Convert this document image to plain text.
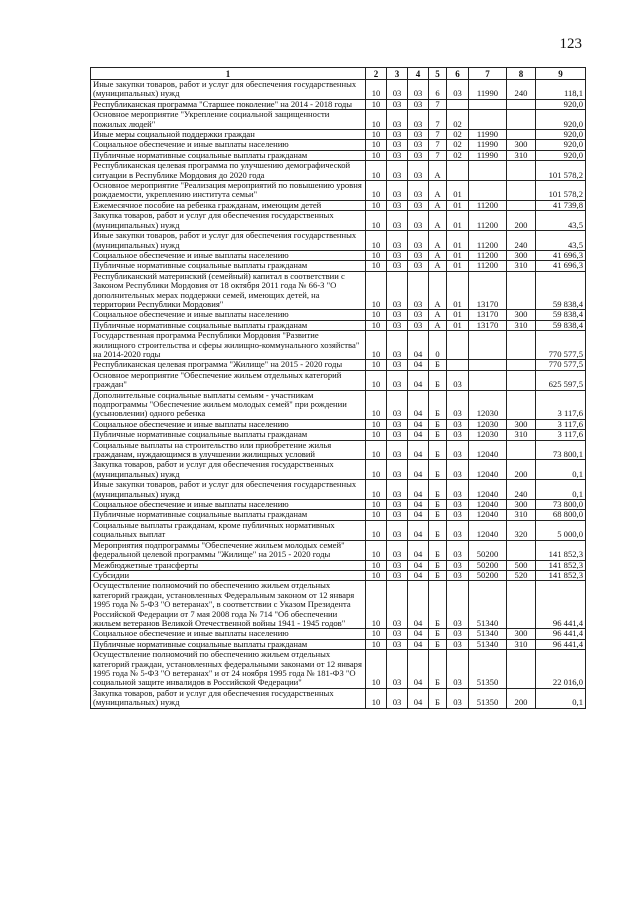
123
1	2	3	4	5	6	7	8	9
Иные закупки товаров, работ и услуг для обеспечения государственных (муниципальных) нужд	10	03	03	6	03	11990	240	118,1
Республиканская программа "Старшее поколение" на 2014 - 2018 годы	10	03	03	7				920,0
Основное мероприятие "Укрепление социальной защищенности пожилых людей"	10	03	03	7	02			920,0
Иные меры социальной поддержки граждан	10	03	03	7	02	11990		920,0
Социальное обеспечение и иные выплаты населению	10	03	03	7	02	11990	300	920,0
Публичные нормативные социальные выплаты гражданам	10	03	03	7	02	11990	310	920,0
Республиканская целевая программа по улучшению демографической ситуации в Республике Мордовия до 2020 года	10	03	03	А				101 578,2
Основное мероприятие "Реализация мероприятий по повышению уровня рождаемости, укреплению института семьи"	10	03	03	А	01			101 578,2
Ежемесячное пособие на ребенка гражданам, имеющим детей	10	03	03	А	01	11200		41 739,8
Закупка товаров, работ и услуг для обеспечения государственных (муниципальных) нужд	10	03	03	А	01	11200	200	43,5
Иные закупки товаров, работ и услуг для обеспечения государственных (муниципальных) нужд	10	03	03	А	01	11200	240	43,5
Социальное обеспечение и иные выплаты населению	10	03	03	А	01	11200	300	41 696,3
Публичные нормативные социальные выплаты гражданам	10	03	03	А	01	11200	310	41 696,3
Республиканский материнский (семейный) капитал в соответствии с Законом Республики Мордовия от 18 октября 2011 года № 66-З "О дополнительных мерах поддержки семей, имеющих детей, на территории Республики Мордовия"	10	03	03	А	01	13170		59 838,4
Социальное обеспечение и иные выплаты населению	10	03	03	А	01	13170	300	59 838,4
Публичные нормативные социальные выплаты гражданам	10	03	03	А	01	13170	310	59 838,4
Государственная программа Республики Мордовия "Развитие жилищного строительства и сферы жилищно-коммунального хозяйства" на 2014-2020 годы	10	03	04	0				770 577,5
Республиканская целевая программа "Жилище" на 2015 - 2020 годы	10	03	04	Б				770 577,5
Основное мероприятие "Обеспечение жильем отдельных категорий граждан"	10	03	04	Б	03			625 597,5
Дополнительные социальные выплаты семьям - участникам подпрограммы "Обеспечение жильем молодых семей" при рождении (усыновлении) одного ребенка	10	03	04	Б	03	12030		3 117,6
Социальное обеспечение и иные выплаты населению	10	03	04	Б	03	12030	300	3 117,6
Публичные нормативные социальные выплаты гражданам	10	03	04	Б	03	12030	310	3 117,6
Социальные выплаты на строительство или приобретение жилья гражданам, нуждающимся в улучшении жилищных условий	10	03	04	Б	03	12040		73 800,1
Закупка товаров, работ и услуг для обеспечения государственных (муниципальных) нужд	10	03	04	Б	03	12040	200	0,1
Иные закупки товаров, работ и услуг для обеспечения государственных (муниципальных) нужд	10	03	04	Б	03	12040	240	0,1
Социальное обеспечение и иные выплаты населению	10	03	04	Б	03	12040	300	73 800,0
Публичные нормативные социальные выплаты гражданам	10	03	04	Б	03	12040	310	68 800,0
Социальные выплаты гражданам, кроме публичных нормативных социальных выплат	10	03	04	Б	03	12040	320	5 000,0
Мероприятия подпрограммы "Обеспечение жильем молодых семей" федеральной целевой программы "Жилище" на 2015 - 2020 годы	10	03	04	Б	03	50200		141 852,3
Межбюджетные трансферты	10	03	04	Б	03	50200	500	141 852,3
Субсидии	10	03	04	Б	03	50200	520	141 852,3
Осуществление полномочий по обеспечению жильем отдельных категорий граждан, установленных Федеральным законом от 12 января 1995 года № 5-ФЗ "О ветеранах", в соответствии с Указом Президента Российской Федерации от 7 мая 2008 года № 714 "Об обеспечении жильем ветеранов Великой Отечественной войны 1941 - 1945 годов"	10	03	04	Б	03	51340		96 441,4
Социальное обеспечение и иные выплаты населению	10	03	04	Б	03	51340	300	96 441,4
Публичные нормативные социальные выплаты гражданам	10	03	04	Б	03	51340	310	96 441,4
Осуществление полномочий по обеспечению жильем отдельных категорий граждан, установленных федеральными законами от 12 января 1995 года № 5-ФЗ "О ветеранах" и от 24 ноября 1995 года № 181-ФЗ "О социальной защите инвалидов в Российской Федерации"	10	03	04	Б	03	51350		22 016,0
Закупка товаров, работ и услуг для обеспечения государственных (муниципальных) нужд	10	03	04	Б	03	51350	200	0,1
